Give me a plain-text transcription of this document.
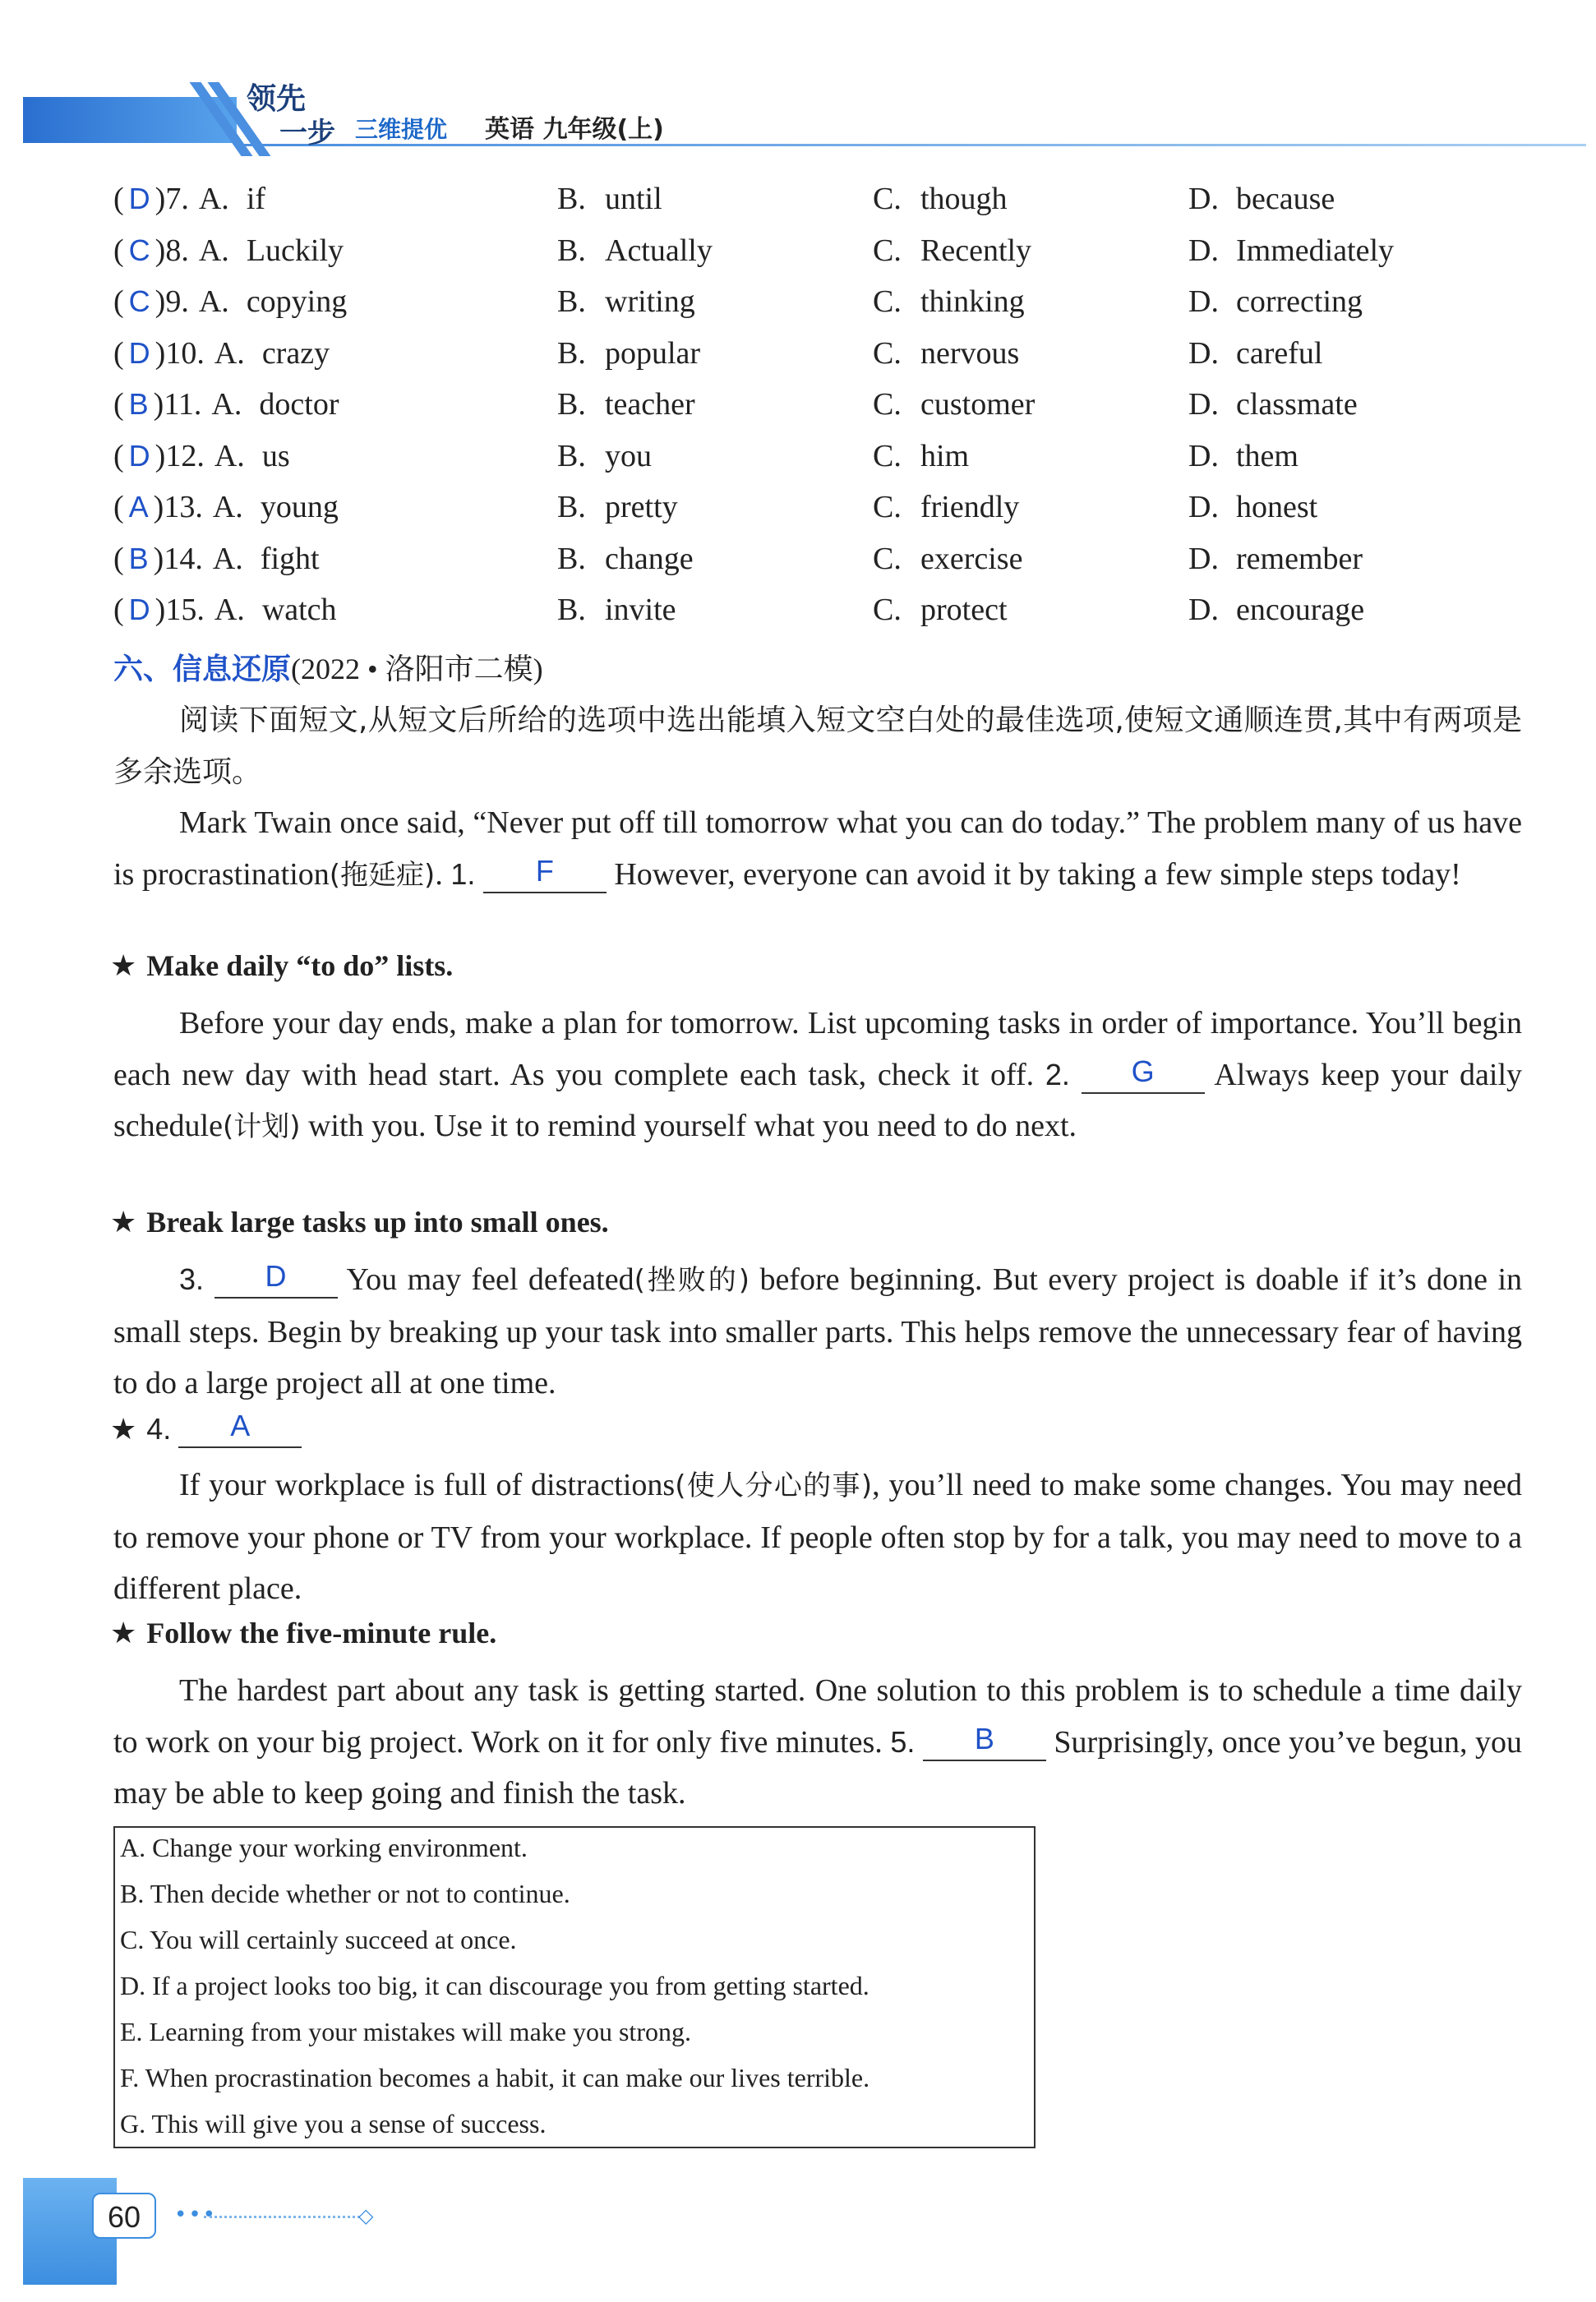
领先
一步 三维提优 英语 九年级(上)
( D )7. A. if	B. until	C. though	D. because
( C )8. A. Luckily	B. Actually	C. Recently	D. Immediately
( C )9. A. copying	B. writing	C. thinking	D. correcting
( D )10. A. crazy	B. popular	C. nervous	D. careful
( B )11. A. doctor	B. teacher	C. customer	D. classmate
( D )12. A. us	B. you	C. him	D. them
( A )13. A. young	B. pretty	C. friendly	D. honest
( B )14. A. fight	B. change	C. exercise	D. remember
( D )15. A. watch	B. invite	C. protect	D. encourage
六、信息还原(2022 • 洛阳市二模)
阅读下面短文,从短文后所给的选项中选出能填入短文空白处的最佳选项,使短文通顺连贯,其中有两项是多余选项。
Mark Twain once said, “Never put off till tomorrow what you can do today.” The problem many of us have is procrastination(拖延症). 1. F However, everyone can avoid it by taking a few simple steps today!
★ Make daily “to do” lists.
Before your day ends, make a plan for tomorrow. List upcoming tasks in order of importance. You’ll begin each new day with head start. As you complete each task, check it off. 2. G Always keep your daily schedule(计划) with you. Use it to remind yourself what you need to do next.
★ Break large tasks up into small ones.
3. D You may feel defeated(挫败的) before beginning. But every project is doable if it’s done in small steps. Begin by breaking up your task into smaller parts. This helps remove the unnecessary fear of having to do a large project all at one time.
★ 4. A
If your workplace is full of distractions(使人分心的事), you’ll need to make some changes. You may need to remove your phone or TV from your workplace. If people often stop by for a talk, you may need to move to a different place.
★ Follow the five-minute rule.
The hardest part about any task is getting started. One solution to this problem is to schedule a time daily to work on your big project. Work on it for only five minutes. 5. B Surprisingly, once you’ve begun, you may be able to keep going and finish the task.
A. Change your working environment.
B. Then decide whether or not to continue.
C. You will certainly succeed at once.
D. If a project looks too big, it can discourage you from getting started.
E. Learning from your mistakes will make you strong.
F. When procrastination becomes a habit, it can make our lives terrible.
G. This will give you a sense of success.
60	•••	◇
